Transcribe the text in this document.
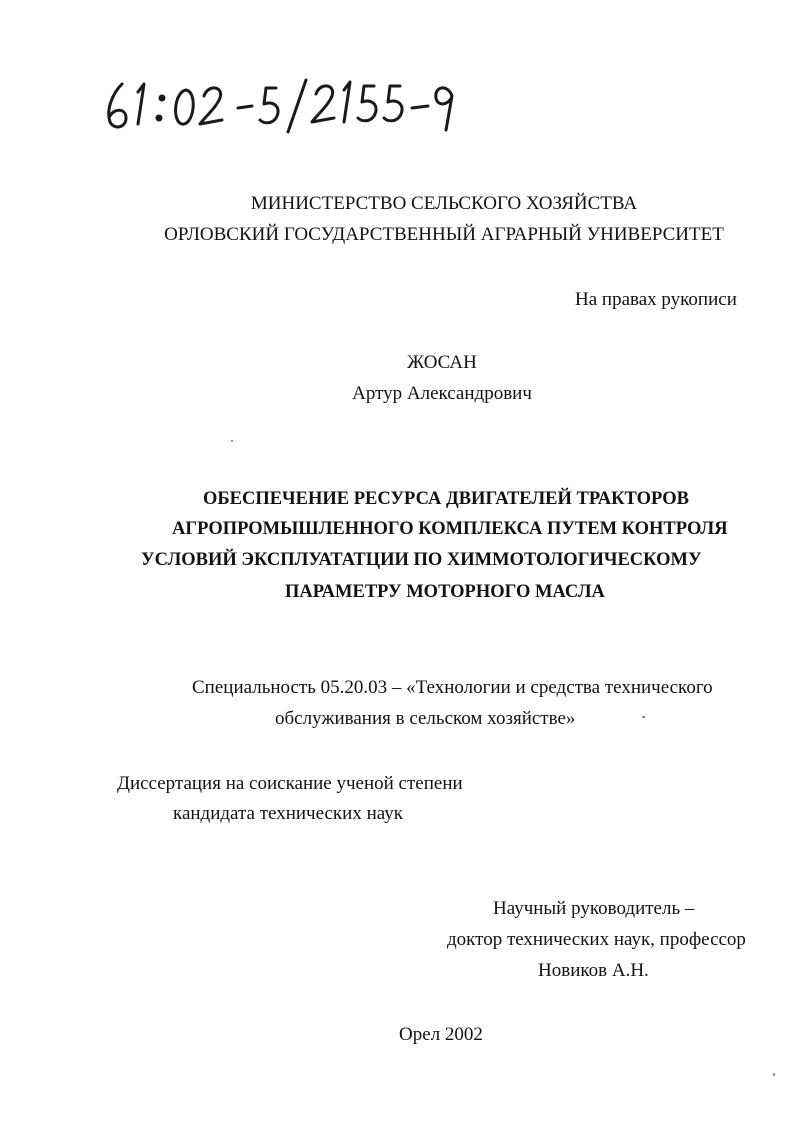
МИНИСТЕРСТВО СЕЛЬСКОГО ХОЗЯЙСТВА
ОРЛОВСКИЙ ГОСУДАРСТВЕННЫЙ АГРАРНЫЙ УНИВЕРСИТЕТ
На правах рукописи
ЖОСАН
Артур Александрович
ОБЕСПЕЧЕНИЕ РЕСУРСА ДВИГАТЕЛЕЙ ТРАКТОРОВ
АГРОПРОМЫШЛЕННОГО КОМПЛЕКСА ПУТЕМ КОНТРОЛЯ
УСЛОВИЙ ЭКСПЛУАТАТЦИИ ПО ХИММОТОЛОГИЧЕСКОМУ
ПАРАМЕТРУ МОТОРНОГО МАСЛА
Специальность 05.20.03 – «Технологии и средства технического
обслуживания в сельском хозяйстве»
Диссертация на соискание ученой степени
кандидата технических наук
Научный руководитель –
доктор технических наук, профессор
Новиков А.Н.
Орел 2002
